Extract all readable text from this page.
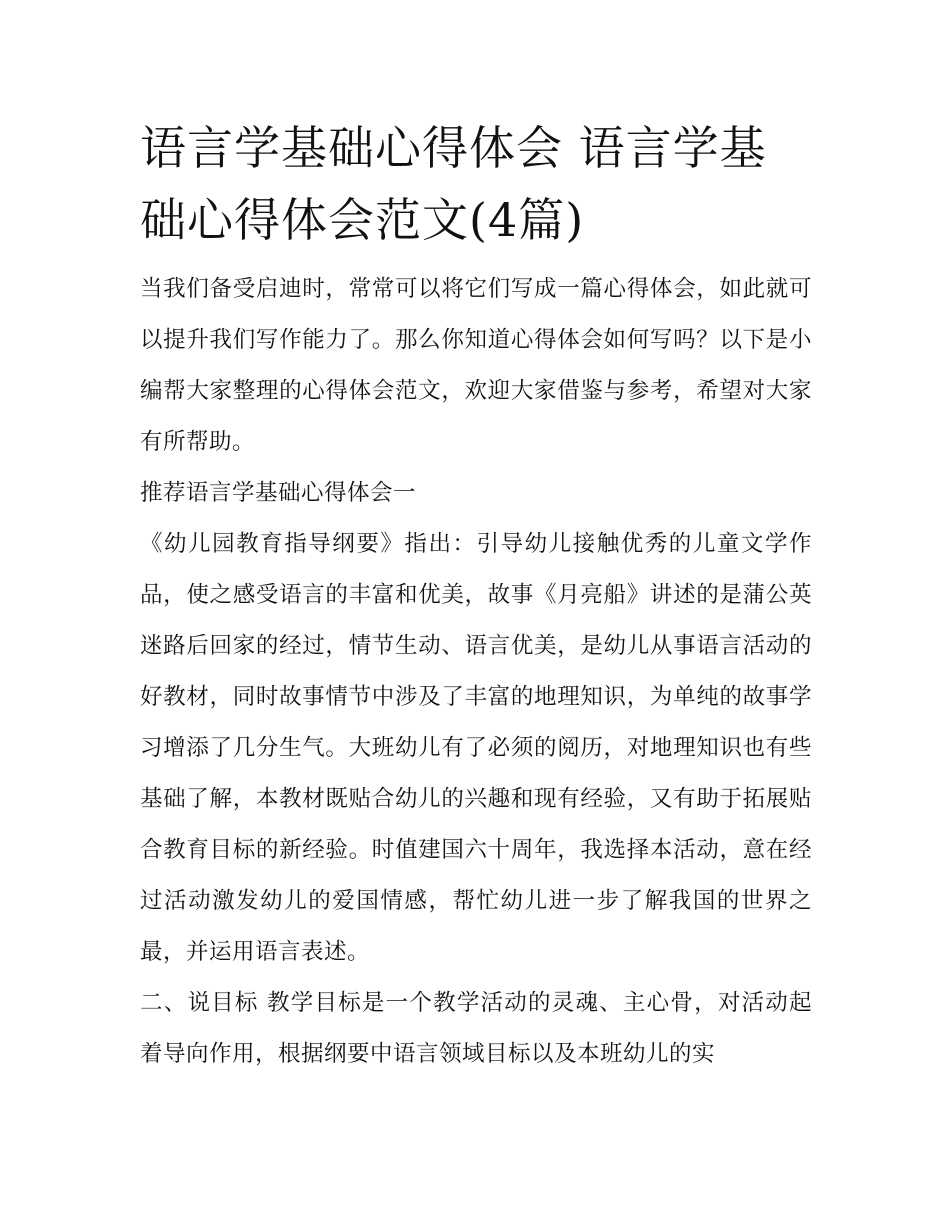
语言学基础心得体会 语言学基础心得体会范文(4篇)

当我们备受启迪时，常常可以将它们写成一篇心得体会，如此就可以提升我们写作能力了。那么你知道心得体会如何写吗？以下是小编帮大家整理的心得体会范文，欢迎大家借鉴与参考，希望对大家有所帮助。

推荐语言学基础心得体会一

《幼儿园教育指导纲要》指出：引导幼儿接触优秀的儿童文学作品，使之感受语言的丰富和优美，故事《月亮船》讲述的是蒲公英迷路后回家的经过，情节生动、语言优美，是幼儿从事语言活动的好教材，同时故事情节中涉及了丰富的地理知识，为单纯的故事学习增添了几分生气。大班幼儿有了必须的阅历，对地理知识也有些基础了解，本教材既贴合幼儿的兴趣和现有经验，又有助于拓展贴合教育目标的新经验。时值建国六十周年，我选择本活动，意在经过活动激发幼儿的爱国情感，帮忙幼儿进一步了解我国的世界之最，并运用语言表述。

二、说目标 教学目标是一个教学活动的灵魂、主心骨，对活动起着导向作用，根据纲要中语言领域目标以及本班幼儿的实
